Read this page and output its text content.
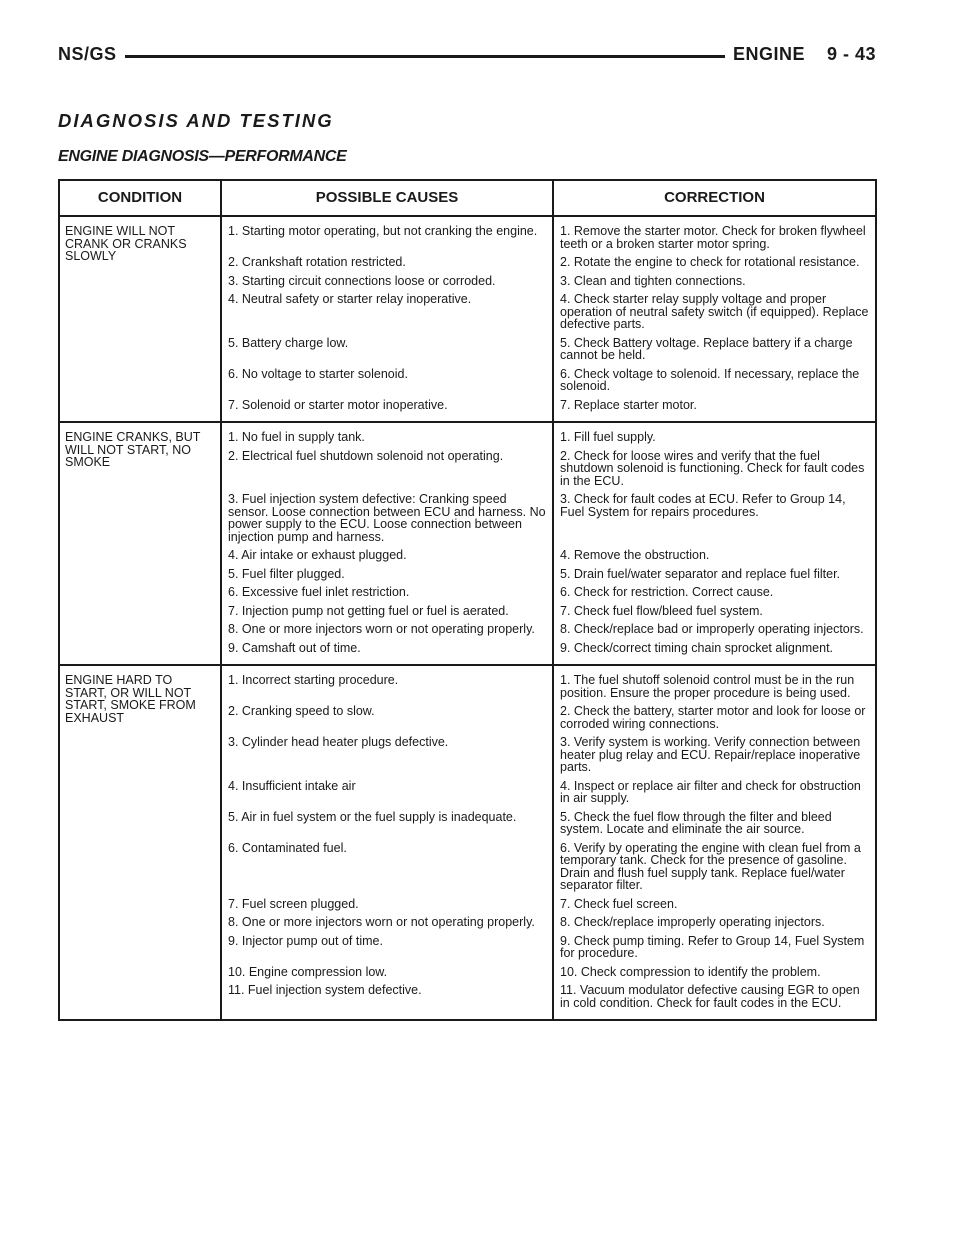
NS/GS	ENGINE 9 - 43
DIAGNOSIS AND TESTING
ENGINE DIAGNOSIS—PERFORMANCE
CONDITION	POSSIBLE CAUSES	CORRECTION
ENGINE WILL NOT CRANK OR CRANKS SLOWLY	1. Starting motor operating, but not cranking the engine.	1. Remove the starter motor. Check for broken flywheel teeth or a broken starter motor spring.
	2. Crankshaft rotation restricted.	2. Rotate the engine to check for rotational resistance.
	3. Starting circuit connections loose or corroded.	3. Clean and tighten connections.
	4. Neutral safety or starter relay inoperative.	4. Check starter relay supply voltage and proper operation of neutral safety switch (if equipped). Replace defective parts.
	5. Battery charge low.	5. Check Battery voltage. Replace battery if a charge cannot be held.
	6. No voltage to starter solenoid.	6. Check voltage to solenoid. If necessary, replace the solenoid.
	7. Solenoid or starter motor inoperative.	7. Replace starter motor.
ENGINE CRANKS, BUT WILL NOT START, NO SMOKE	1. No fuel in supply tank.	1. Fill fuel supply.
	2. Electrical fuel shutdown solenoid not operating.	2. Check for loose wires and verify that the fuel shutdown solenoid is functioning. Check for fault codes in the ECU.
	3. Fuel injection system defective: Cranking speed sensor. Loose connection between ECU and harness. No power supply to the ECU. Loose connection between injection pump and harness.	3. Check for fault codes at ECU. Refer to Group 14, Fuel System for repairs procedures.
	4. Air intake or exhaust plugged.	4. Remove the obstruction.
	5. Fuel filter plugged.	5. Drain fuel/water separator and replace fuel filter.
	6. Excessive fuel inlet restriction.	6. Check for restriction. Correct cause.
	7. Injection pump not getting fuel or fuel is aerated.	7. Check fuel flow/bleed fuel system.
	8. One or more injectors worn or not operating properly.	8. Check/replace bad or improperly operating injectors.
	9. Camshaft out of time.	9. Check/correct timing chain sprocket alignment.
ENGINE HARD TO START, OR WILL NOT START, SMOKE FROM EXHAUST	1. Incorrect starting procedure.	1. The fuel shutoff solenoid control must be in the run position. Ensure the proper procedure is being used.
	2. Cranking speed to slow.	2. Check the battery, starter motor and look for loose or corroded wiring connections.
	3. Cylinder head heater plugs defective.	3. Verify system is working. Verify connection between heater plug relay and ECU. Repair/replace inoperative parts.
	4. Insufficient intake air	4. Inspect or replace air filter and check for obstruction in air supply.
	5. Air in fuel system or the fuel supply is inadequate.	5. Check the fuel flow through the filter and bleed system. Locate and eliminate the air source.
	6. Contaminated fuel.	6. Verify by operating the engine with clean fuel from a temporary tank. Check for the presence of gasoline. Drain and flush fuel supply tank. Replace fuel/water separator filter.
	7. Fuel screen plugged.	7. Check fuel screen.
	8. One or more injectors worn or not operating properly.	8. Check/replace improperly operating injectors.
	9. Injector pump out of time.	9. Check pump timing. Refer to Group 14, Fuel System for procedure.
	10. Engine compression low.	10. Check compression to identify the problem.
	11. Fuel injection system defective.	11. Vacuum modulator defective causing EGR to open in cold condition. Check for fault codes in the ECU.
